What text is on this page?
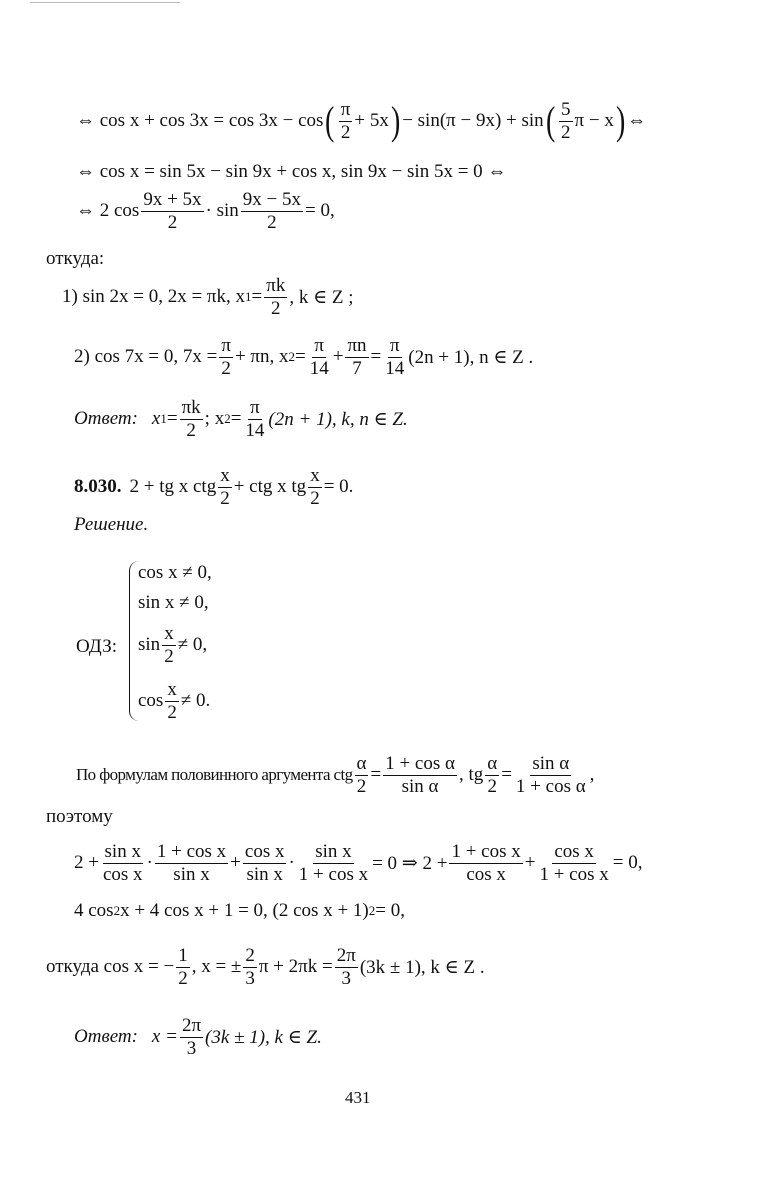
⇔ cos x + cos 3x = cos 3x − cos ( $\frac{\pi}{2} + 5x$ ) − sin(π − 9x) + sin ( $\frac{5}{2}$ π − x ) ⇔
⇔ cos x = sin 5x − sin 9x + cos x, sin 9x − sin 5x = 0 ⇔
⇔ 2 $\cos \frac{9x + 5x}{2} \cdot \sin \frac{9x - 5x}{2} = 0$,
откуда:
1) sin 2x = 0, 2x = πk, x $1 = \frac{\pi k}{2}$ , k ∈ Z ;
2) cos 7x = 0, $7x = \frac{\pi}{2} + \pi n$, x $2 = \frac{\pi}{14} + \frac{\pi n}{7} = \frac{\pi}{14} (2n + 1)$, n ∈ Z .
Ответ: x $1 = \frac{\pi k}{2}$ ; x $2 = \frac{\pi}{14} (2n + 1)$, k, n ∈ Z.
8.030. 2 + tg x ctg $\frac{x}{2}$ + ctg x tg $\frac{x}{2} = 0$.
Решение.
ОДЗ:
cos x ≠ 0,
sin x ≠ 0,
$\sin \frac{x}{2} \ne 0$,
$\cos \frac{x}{2} \ne 0$.
По формулам половинного аргумента ctg $\frac{\alpha}{2} = \frac{\text{1 + cos α}}{\text{sin α}}$ , tg $\frac{\alpha}{2} = \frac{\text{sin α}}{\text{1 + cos α}}$ ,
поэтому
$2 + \frac{\text{sin x}}{\text{cos x}} \cdot \frac{\text{1 + cos x}}{\text{sin x}} + \frac{\text{cos x}}{\text{sin x}} \cdot \frac{\text{sin x}}{\text{1 + cos x}} = 0$ ⇒ $2 + \frac{\text{1 + cos x}}{\text{cos x}} + \frac{\text{cos x}}{\text{1 + cos x}} = 0$,
4 cos 2 x + 4 cos x + 1 = 0, (2 cos x + 1) 2 = 0,
откуда cos x = − $\frac{1}{2}$ , x = ± $\frac{2}{3}$ $\pi + 2\pi k = \frac{2\pi}{3} (3k \pm 1)$, k ∈ Z .
Ответ: $x = \frac{2\pi}{3} (3k \pm 1)$, k ∈ Z.
431
